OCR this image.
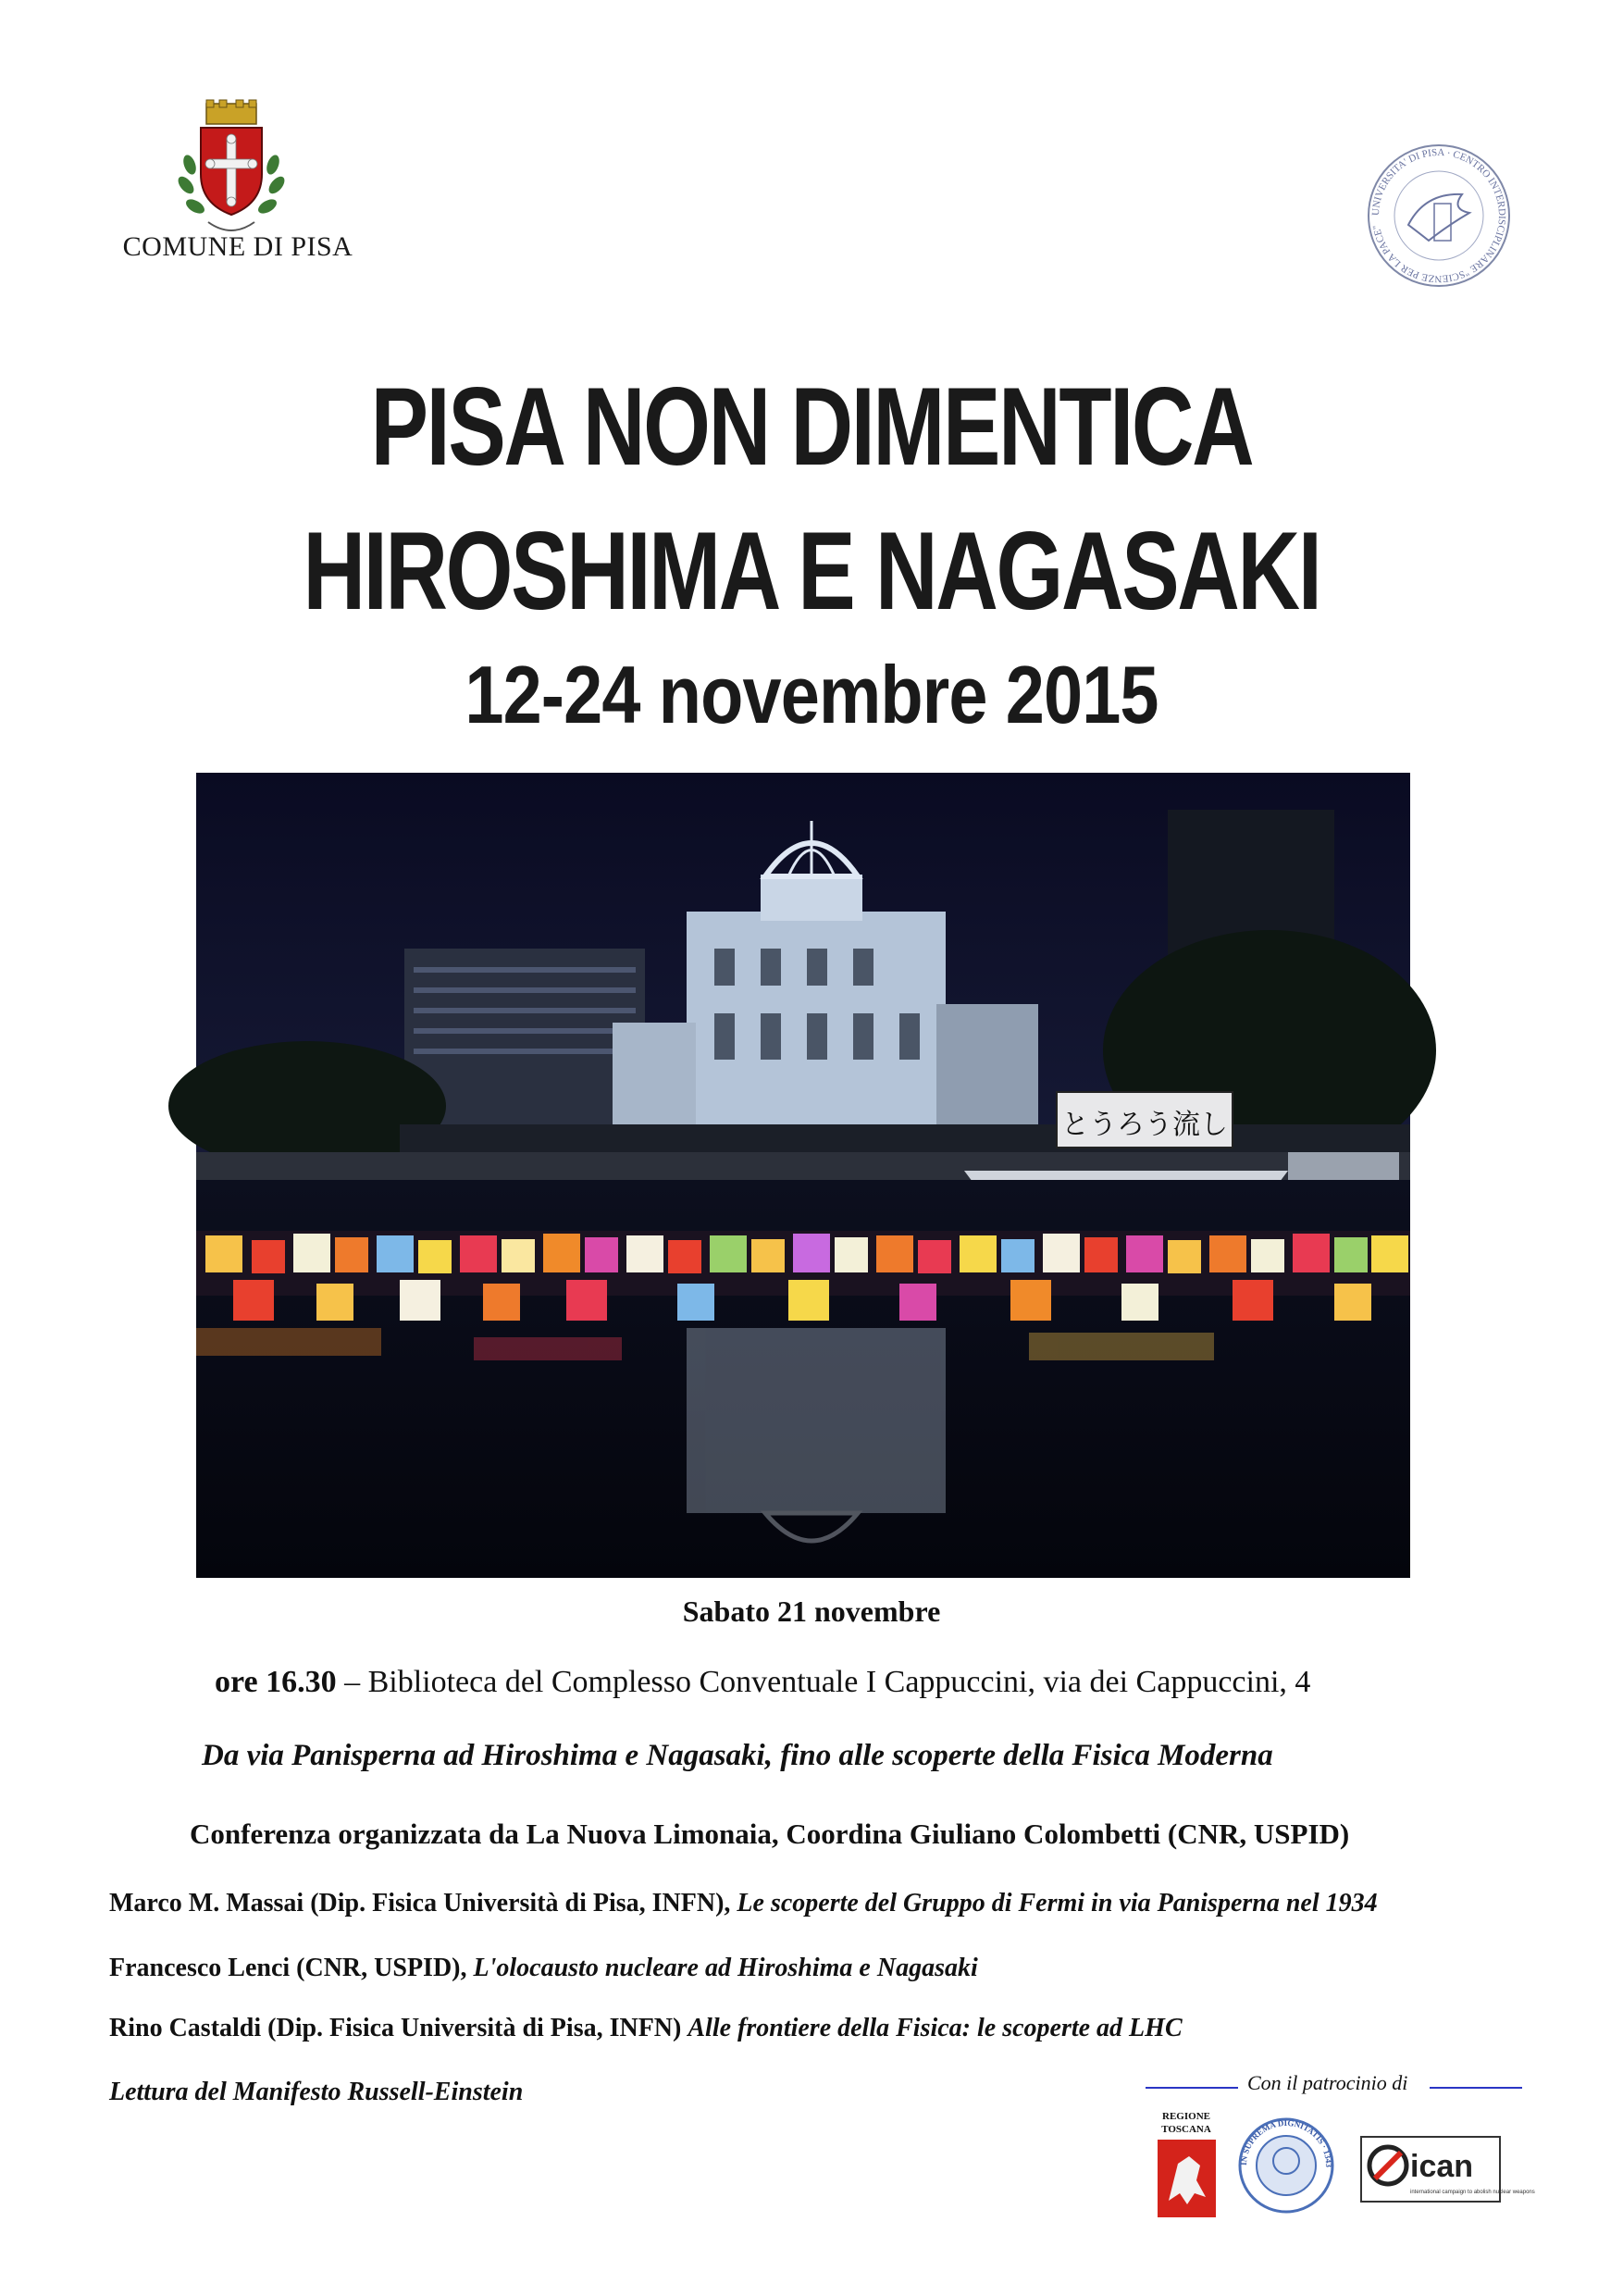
COMUNE DI PISA
UNIVERSITA' DI PISA · CENTRO INTERDISCIPLINARE "SCIENZE PER LA PACE"
PISA NON DIMENTICA
HIROSHIMA E NAGASAKI
12-24 novembre 2015
とうろう流し
Sabato 21 novembre
ore 16.30 – Biblioteca del Complesso Conventuale I Cappuccini, via dei Cappuccini, 4
Da via Panisperna ad Hiroshima e Nagasaki, fino alle scoperte della Fisica Moderna
Conferenza organizzata da La Nuova Limonaia, Coordina Giuliano Colombetti (CNR, USPID)
Marco M. Massai (Dip. Fisica Università di Pisa, INFN), Le scoperte del Gruppo di Fermi in via Panisperna nel 1934
Francesco Lenci (CNR, USPID), L'olocausto nucleare ad Hiroshima e Nagasaki
Rino Castaldi (Dip. Fisica Università di Pisa, INFN) Alle frontiere della Fisica: le scoperte ad LHC
Lettura del Manifesto Russell-Einstein	Con il patrocinio di
REGIONE
TOSCANA
IN SUPREMA DIGNITATIS · 1343 ican
international campaign to abolish nuclear weapons
